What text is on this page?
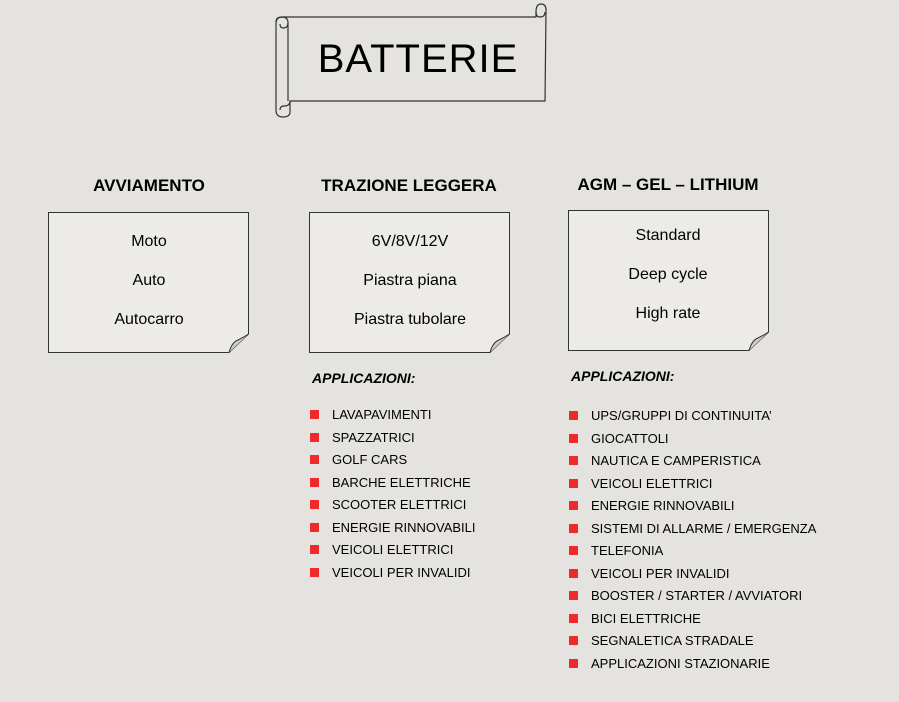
BATTERIE
AVVIAMENTO
Moto
Auto
Autocarro
TRAZIONE LEGGERA
6V/8V/12V
Piastra piana
Piastra tubolare
APPLICAZIONI:
LAVAPAVIMENTI
SPAZZATRICI
GOLF CARS
BARCHE ELETTRICHE
SCOOTER ELETTRICI
ENERGIE RINNOVABILI
VEICOLI ELETTRICI
VEICOLI PER INVALIDI
AGM – GEL – LITHIUM
Standard
Deep cycle
High rate
APPLICAZIONI:
UPS/GRUPPI DI CONTINUITA’
GIOCATTOLI
NAUTICA E CAMPERISTICA
VEICOLI ELETTRICI
ENERGIE RINNOVABILI
SISTEMI DI ALLARME / EMERGENZA
TELEFONIA
VEICOLI PER INVALIDI
BOOSTER / STARTER / AVVIATORI
BICI ELETTRICHE
SEGNALETICA STRADALE
APPLICAZIONI STAZIONARIE
